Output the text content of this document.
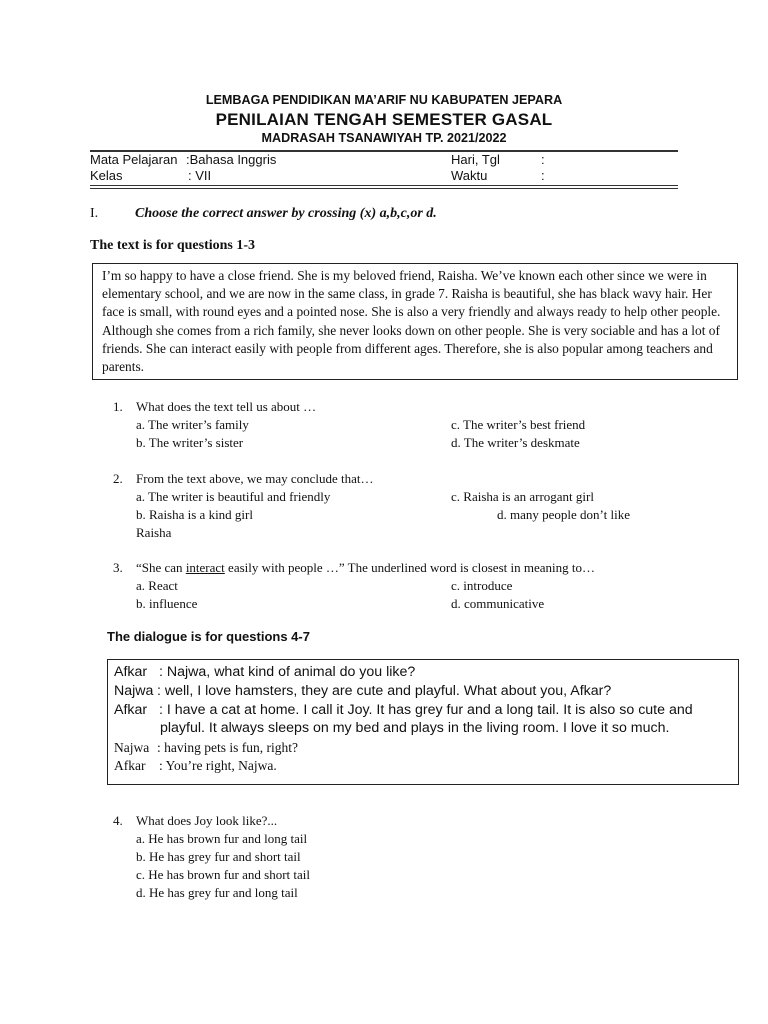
LEMBAGA PENDIDIKAN MA’ARIF NU KABUPATEN JEPARA
PENILAIAN TENGAH SEMESTER GASAL
MADRASAH TSANAWIYAH TP. 2021/2022
Mata Pelajaran :Bahasa Inggris	Hari, Tgl	:
Kelas	: VII	Waktu	:
I.	Choose the correct answer by crossing (x) a,b,c,or d.
The text is for questions 1-3
I’m so happy to have a close friend. She is my beloved friend, Raisha. We’ve known each other since we were in elementary school, and we are now in the same class, in grade 7. Raisha is beautiful, she has black wavy hair. Her face is small, with round eyes and a pointed nose. She is also a very friendly and always ready to help other people. Although she comes from a rich family, she never looks down on other people. She is very sociable and has a lot of friends. She can interact easily with people from different ages. Therefore, she is also popular among teachers and parents.
1. What does the text tell us about …
a. The writer’s family	c. The writer’s best friend
b. The writer’s sister	d. The writer’s deskmate
2. From the text above, we may conclude that…
a. The writer is beautiful and friendly	c. Raisha is an arrogant girl
b. Raisha is a kind girl	d. many people don’t like
Raisha
3. “She can interact easily with people …” The underlined word is closest in meaning to…
a. React	c. introduce
b. influence	d. communicative
The dialogue is for questions 4-7
Afkar : Najwa, what kind of animal do you like?
Najwa : well, I love hamsters, they are cute and playful. What about you, Afkar?
Afkar : I have a cat at home. I call it Joy. It has grey fur and a long tail. It is also so cute and
playful. It always sleeps on my bed and plays in the living room. I love it so much.
Najwa : having pets is fun, right?
Afkar : You’re right, Najwa.
4. What does Joy look like?...
a. He has brown fur and long tail
b. He has grey fur and short tail
c. He has brown fur and short tail
d. He has grey fur and long tail
